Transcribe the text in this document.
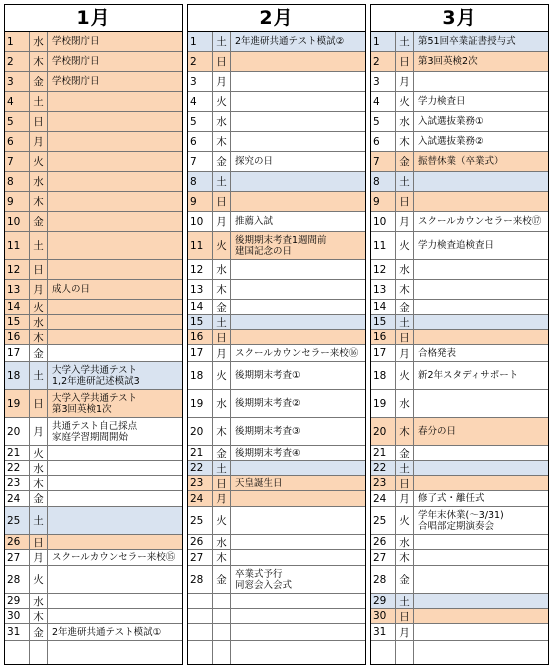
1月
1	水 学校閉庁日
2	木 学校閉庁日
3	金 学校閉庁日
4	土
5	日
6	月
7	火
8	水
9	木
10	金
11	土
12	日
13	月 成人の日
14	火
15	水
16	木
17	金
18	土 大学入学共通テスト
1,2年進研記述模試3
19	日 大学入学共通テスト
第3回英検1次
20	月 共通テスト自己採点
家庭学習期間開始
21	火
22	水
23	木
24	金
25	土
26	日
27	月 スクールカウンセラー来校⑮
28	火
29	水
30	木
31	金 2年進研共通テスト模試①
2月
1	土 2年進研共通テスト模試②
2	日
3	月
4	火
5	水
6	木
7	金 探究の日
8	土
9	日
10	月 推薦入試
11	火 後期期末考査1週間前
建国記念の日
12	水
13	木
14	金
15	土
16	日
17	月 スクールカウンセラー来校⑯
18	火 後期期末考査①
19	水 後期期末考査②
20	木 後期期末考査③
21	金 後期期末考査④
22	土
23	日 天皇誕生日
24	月
25	火
26	水
27	木
28	金 卒業式予行
同窓会入会式
3月
1	土 第51回卒業証書授与式
2	日 第3回英検2次
3	月
4	火 学力検査日
5	水 入試選抜業務①
6	木 入試選抜業務②
7	金 振替休業（卒業式）
8	土
9	日
10	月 スクールカウンセラー来校⑰
11	火 学力検査追検査日
12	水
13	木
14	金
15	土
16	日
17	月 合格発表
18	火 新2年スタディサポート
19	水
20	木 春分の日
21	金
22	土
23	日
24	月 修了式・離任式
25	火 学年末休業(～3/31)
合唱部定期演奏会
26	水
27	木
28	金
29	土
30	日
31	月
